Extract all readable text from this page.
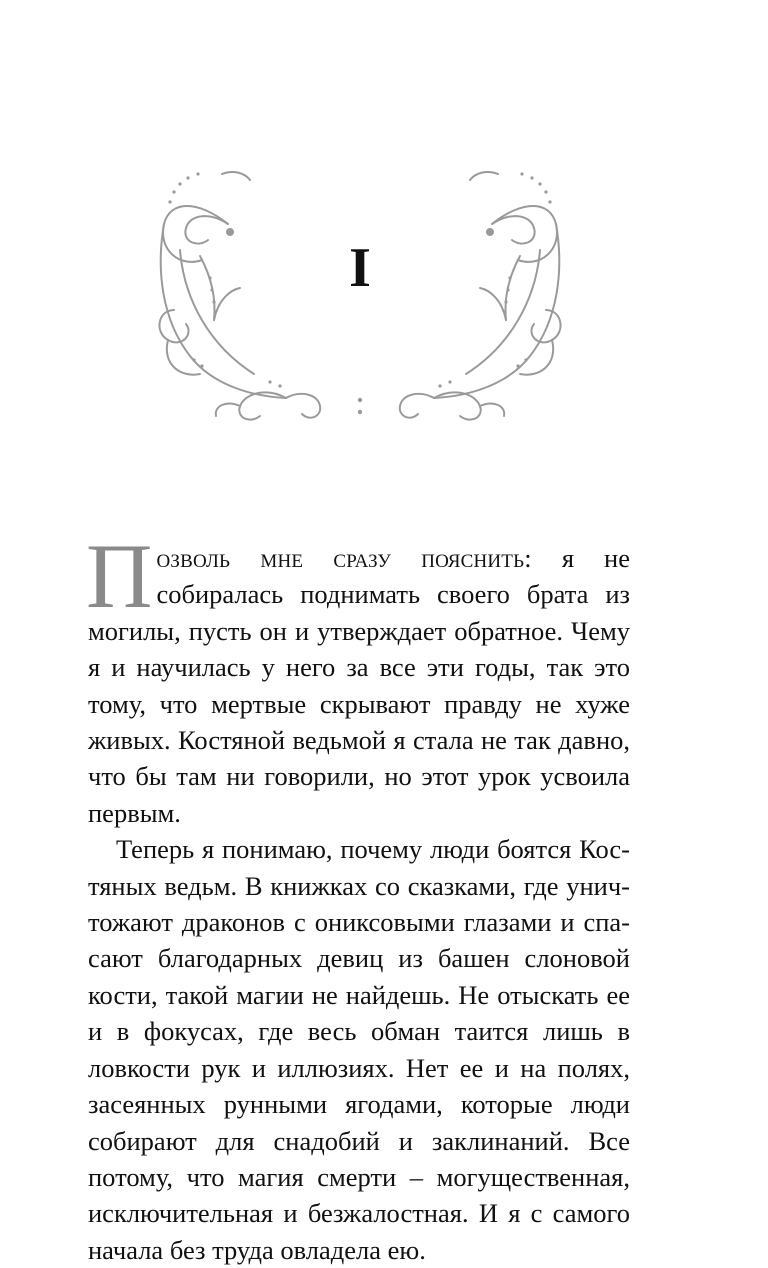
I

Позволь мне сразу пояснить: я не собиралась поднимать своего брата из могилы, пусть он и утверждает обратное. Чему я и научилась у него за все эти годы, так это тому, что мертвые скрывают правду не хуже живых. Костяной ведьмой я стала не так давно, что бы там ни говорили, но этот урок усвоила первым.

Теперь я понимаю, почему люди боятся Костяных ведьм. В книжках со сказками, где уничтожают драконов с ониксовыми глазами и спасают благодарных девиц из башен слоновой кости, такой магии не найдешь. Не отыскать ее и в фокусах, где весь обман таится лишь в ловкости рук и иллюзиях. Нет ее и на полях, засеянных рунными ягодами, которые люди собирают для снадобий и заклинаний. Все потому, что магия смерти – могущественная, исключительная и безжалостная. И я с самого начала без труда овладела ею.
